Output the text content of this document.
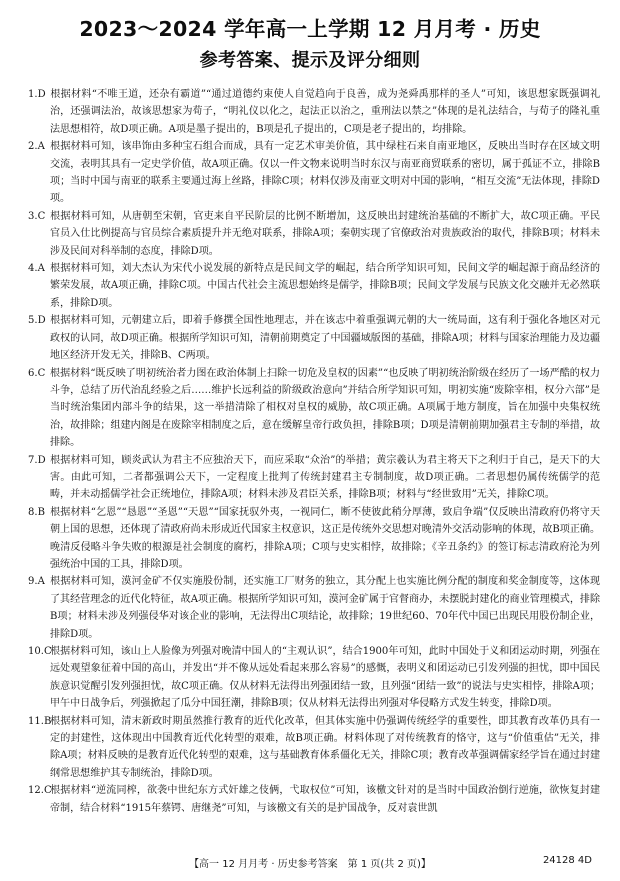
2023～2024 学年高一上学期 12 月月考 · 历史
参考答案、提示及评分细则

1.D 根据材料“不唯王道，还杂有霸道”“通过道德约束使人自觉趋向于良善，成为尧舜禹那样的圣人”可知，该思想家既强调礼治，还强调法治，故该思想家为荀子，“明礼仪以化之，起法正以治之，重刑法以禁之”体现的是礼法结合，与荀子的隆礼重法思想相符，故D项正确。A项是墨子提出的，B项是孔子提出的，C项是老子提出的，均排除。

2.A 根据材料可知，该串饰由多种宝石组合而成，具有一定艺术审美价值，其中绿柱石来自南亚地区，反映出当时存在区域文明交流，表明其具有一定史学价值，故A项正确。仅以一件文物来说明当时东汉与南亚商贸联系的密切，属于孤证不立，排除B项；当时中国与南亚的联系主要通过海上丝路，排除C项；材料仅涉及南亚文明对中国的影响，“相互交流”无法体现，排除D项。

3.C 根据材料可知，从唐朝至宋朝，官吏来自平民阶层的比例不断增加，这反映出封建统治基础的不断扩大，故C项正确。平民官员入仕比例提高与官员综合素质提升并无绝对联系，排除A项；秦朝实现了官僚政治对贵族政治的取代，排除B项；材料未涉及民间对科举制的态度，排除D项。

4.A 根据材料可知，刘大杰认为宋代小说发展的新特点是民间文学的崛起，结合所学知识可知，民间文学的崛起源于商品经济的繁荣发展，故A项正确，排除C项。中国古代社会主流思想始终是儒学，排除B项；民间文学发展与民族文化交融并无必然联系，排除D项。

5.D 根据材料可知，元朝建立后，即着手修撰全国性地理志，并在该志中着重强调元朝的大一统局面，这有利于强化各地区对元政权的认同，故D项正确。根据所学知识可知，清朝前期奠定了中国疆域版图的基础，排除A项；材料与国家治理能力及边疆地区经济开发无关，排除B、C两项。

6.C 根据材料“既反映了明初统治者力图在政治体制上扫除一切危及皇权的因素”“也反映了明初统治阶级在经历了一场严酷的权力斗争，总结了历代治乱经验之后……维护长远利益的阶级政治意向”并结合所学知识可知，明初实施“废除宰相，权分六部”是当时统治集团内部斗争的结果，这一举措清除了相权对皇权的威胁，故C项正确。A项属于地方制度，旨在加强中央集权统治，故排除；组建内阁是在废除宰相制度之后，意在缓解皇帝行政负担，排除B项；D项是清朝前期加强君主专制的举措，故排除。

7.D 根据材料可知，顾炎武认为君主不应独治天下，而应采取“众治”的举措；黄宗羲认为君主将天下之利归于自己，是天下的大害。由此可知，二者都强调公天下，一定程度上批判了传统封建君主专制制度，故D项正确。二者思想仍属传统儒学的范畴，并未动摇儒学社会正统地位，排除A项；材料未涉及君臣关系，排除B项；材料与“经世致用”无关，排除C项。

8.B 根据材料“乞恩”“恳恩”“圣恩”“天恩”“国家抚驭外夷，一视同仁，断不使彼此稍分厚薄，致启争端”仅反映出清政府仍将守天朝上国的思想，还体现了清政府尚未形成近代国家主权意识，这正是传统外交思想对晚清外交活动影响的体现，故B项正确。晚清反侵略斗争失败的根源是社会制度的腐朽，排除A项；C项与史实相悖，故排除；《辛丑条约》的签订标志清政府沦为列强统治中国的工具，排除D项。

9.A 根据材料可知，漠河金矿不仅实施股份制，还实施工厂财务的独立，其分配上也实施比例分配的制度和奖金制度等，这体现了其经营理念的近代化特征，故A项正确。根据所学知识可知，漠河金矿属于官督商办，未摆脱封建化的商业管理模式，排除B项；材料未涉及列强侵华对该企业的影响，无法得出C项结论，故排除；19世纪60、70年代中国已出现民用股份制企业，排除D项。

10.C根据材料可知，该山上人脸像为列强对晚清中国人的“主观认识”，结合1900年可知，此时中国处于义和团运动时期，列强在远处观望象征着中国的高山，并发出“并不像从远处看起来那么容易”的感慨，表明义和团运动已引发列强的担忧，即中国民族意识觉醒引发列强担忧，故C项正确。仅从材料无法得出列强团结一致，且列强“团结一致”的说法与史实相悖，排除A项；甲午中日战争后，列强掀起了瓜分中国狂潮，排除B项；仅从材料无法得出列强对华侵略方式发生转变，排除D项。

11.B根据材料可知，清末新政时期虽然推行教育的近代化改革，但其体实施中仍强调传统经学的重要性，即其教育改革仍具有一定的封建性，这体现出中国教育近代化转型的艰难，故B项正确。材料体现了对传统教育的恪守，这与“价值重估”无关，排除A项；材料反映的是教育近代化转型的艰难，这与基础教育体系僵化无关，排除C项；教育改革强调儒家经学旨在通过封建纲常思想维护其专制统治，排除D项。

12.C根据材料“逆流同榨，欲袭中世纪东方式奸雄之伎俩，弋取权位”可知，该檄文针对的是当时中国政治倒行逆施，欲恢复封建帝制，结合材料“1915年蔡锷、唐继尧”可知，与该檄文有关的是护国战争，反对袁世凯

【高一 12 月月考 · 历史参考答案　第 1 页(共 2 页)】	24128 4D
